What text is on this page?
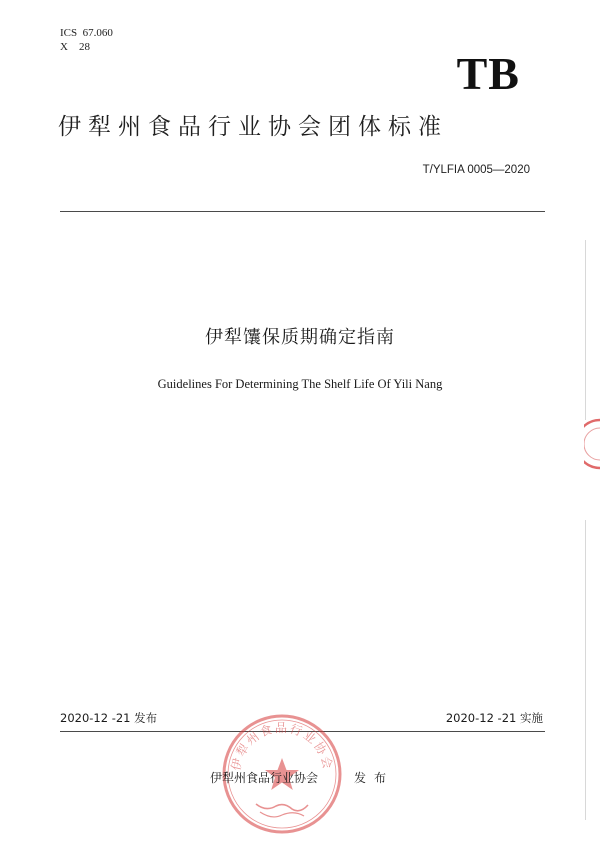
ICS  67.060
X    28
TB
伊犁州食品行业协会团体标准
T/YLFIA 0005—2020
伊犁馕保质期确定指南
Guidelines For Determining The Shelf Life Of Yili Nang
2020-12 -21 发布	2020-12 -21 实施
伊犁州食品行业协会
伊犁州食品行业协会	发布
